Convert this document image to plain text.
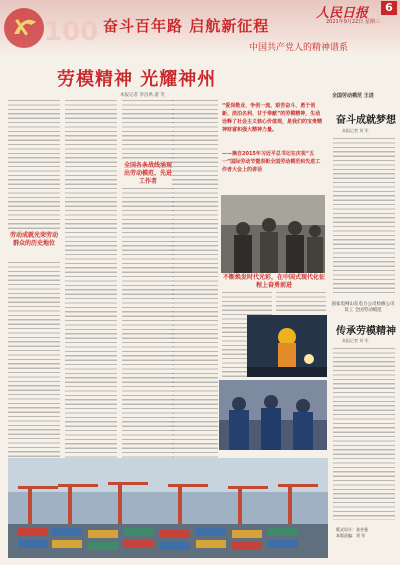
100 奋斗百年路 启航新征程
中国共产党人的精神谱系
人民日报	6
2021年9月22日 星期三
劳模精神 光耀神州
本报记者 李昌禹 游 笑
劳动成就光荣劳动群众的历史地位
全国各条战线涌现出劳动模范、先进工作者
“爱岗敬业、争创一流、艰苦奋斗、勇于创新、淡泊名利、甘于奉献”的劳模精神，生动诠释了社会主义核心价值观，是我们的宝贵精神财富和强大精神力量。
——摘自2015年习近平总书记在庆祝“五一”国际劳动节暨表彰全国劳动模范和先进工作者大会上的讲话
不断焕发时代光彩，在中国式现代化征程上奋勇前进
全国劳动模范 王进
奋斗成就梦想
本报记者 刘 军
国家电网山东电力公司检修公司员工 全国劳动模范
传承劳模精神
本报记者 刘 军
版式设计：张芳曼
本版责编：刘 军
